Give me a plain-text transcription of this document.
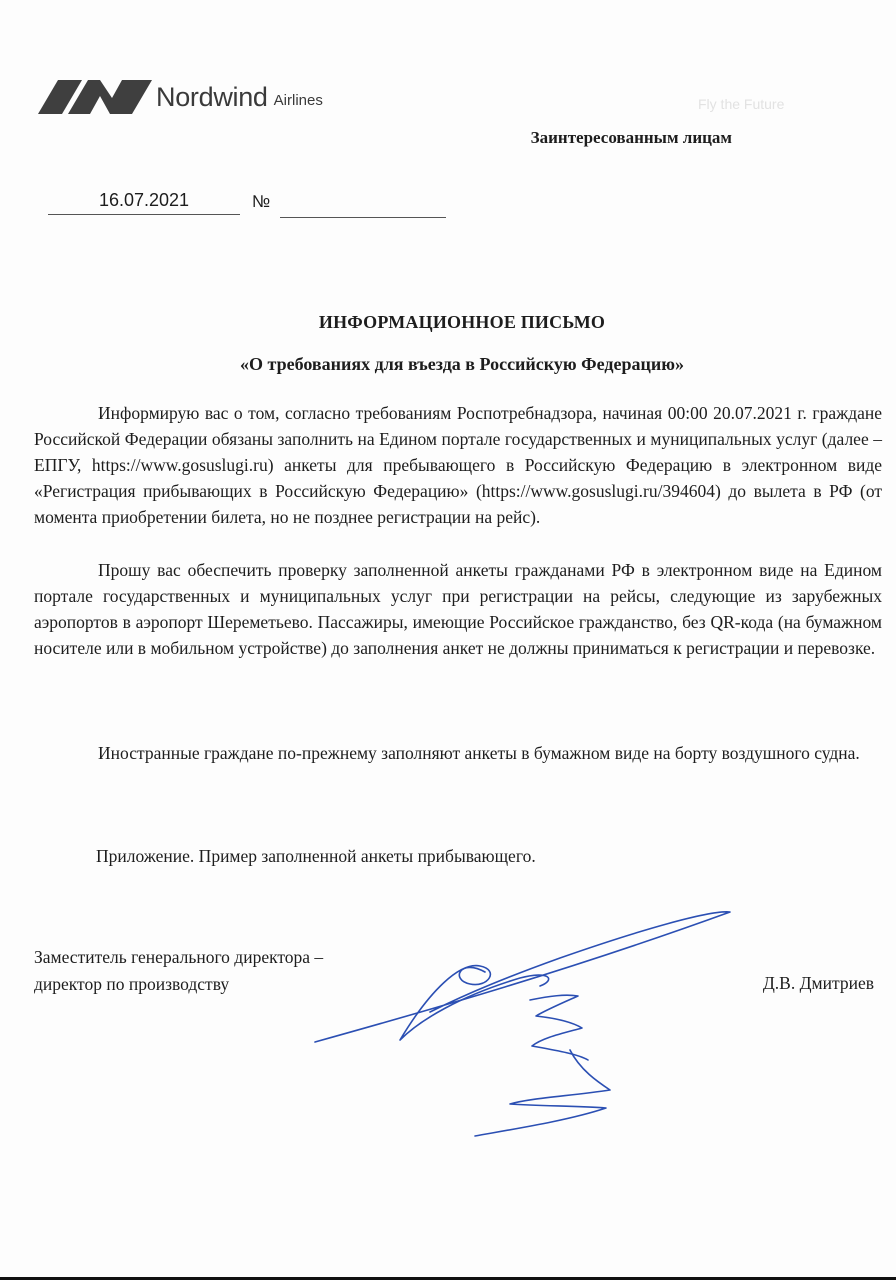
Nordwind Airlines	Fly the Future
Заинтересованным лицам
16.07.2021	№
ИНФОРМАЦИОННОЕ ПИСЬМО
«О требованиях для въезда в Российскую Федерацию»

Информирую вас о том, согласно требованиям Роспотребнадзора, начиная 00:00 20.07.2021 г. граждане Российской Федерации обязаны заполнить на Едином портале государственных и муниципальных услуг (далее – ЕПГУ, https://www.gosuslugi.ru) анкеты для пребывающего в Российскую Федерацию в электронном виде «Регистрация прибывающих в Российскую Федерацию» (https://www.gosuslugi.ru/394604) до вылета в РФ (от момента приобретении билета, но не позднее регистрации на рейс).

Прошу вас обеспечить проверку заполненной анкеты гражданами РФ в электронном виде на Едином портале государственных и муниципальных услуг при регистрации на рейсы, следующие из зарубежных аэропортов в аэропорт Шереметьево. Пассажиры, имеющие Российское гражданство, без QR-кода (на бумажном носителе или в мобильном устройстве) до заполнения анкет не должны приниматься к регистрации и перевозке.

Иностранные граждане по-прежнему заполняют анкеты в бумажном виде на борту воздушного судна.

Приложение. Пример заполненной анкеты прибывающего.
Заместитель генерального директора –
директор по производству	Д.В. Дмитриев
